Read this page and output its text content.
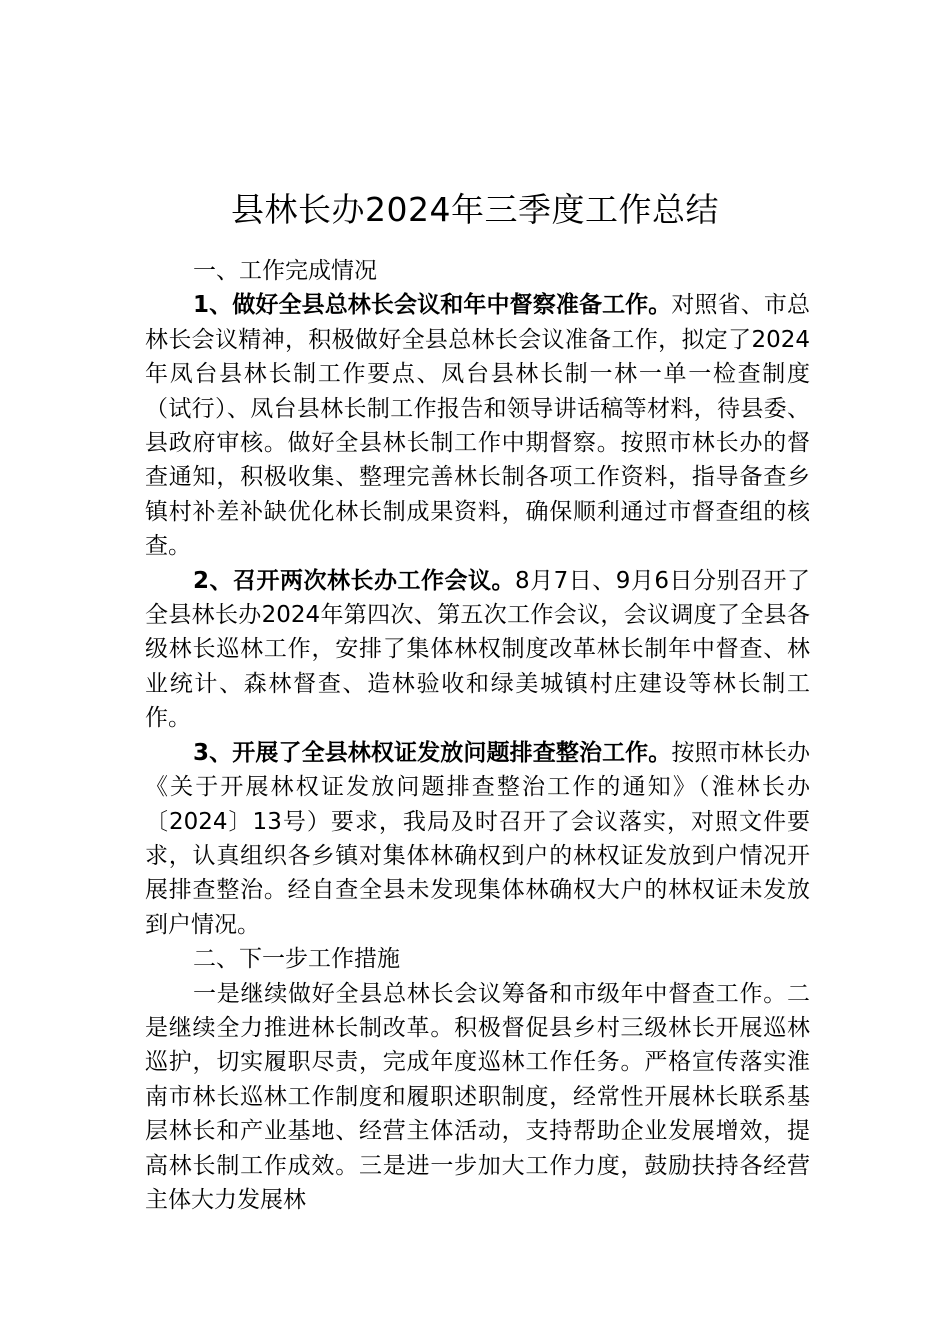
县林长办2024年三季度工作总结

一、工作完成情况

1、做好全县总林长会议和年中督察准备工作。对照省、市总林长会议精神，积极做好全县总林长会议准备工作，拟定了2024年凤台县林长制工作要点、凤台县林长制一林一单一检查制度（试行）、凤台县林长制工作报告和领导讲话稿等材料，待县委、县政府审核。做好全县林长制工作中期督察。按照市林长办的督查通知，积极收集、整理完善林长制各项工作资料，指导备查乡镇村补差补缺优化林长制成果资料，确保顺利通过市督查组的核查。

2、召开两次林长办工作会议。8月7日、9月6日分别召开了全县林长办2024年第四次、第五次工作会议，会议调度了全县各级林长巡林工作，安排了集体林权制度改革林长制年中督查、林业统计、森林督查、造林验收和绿美城镇村庄建设等林长制工作。

3、开展了全县林权证发放问题排查整治工作。按照市林长办《关于开展林权证发放问题排查整治工作的通知》（淮林长办〔2024〕13号）要求，我局及时召开了会议落实，对照文件要求，认真组织各乡镇对集体林确权到户的林权证发放到户情况开展排查整治。经自查全县未发现集体林确权大户的林权证未发放到户情况。

二、下一步工作措施

一是继续做好全县总林长会议筹备和市级年中督查工作。二是继续全力推进林长制改革。积极督促县乡村三级林长开展巡林巡护，切实履职尽责，完成年度巡林工作任务。严格宣传落实淮南市林长巡林工作制度和履职述职制度，经常性开展林长联系基层林长和产业基地、经营主体活动，支持帮助企业发展增效，提高林长制工作成效。三是进一步加大工作力度，鼓励扶持各经营主体大力发展林
